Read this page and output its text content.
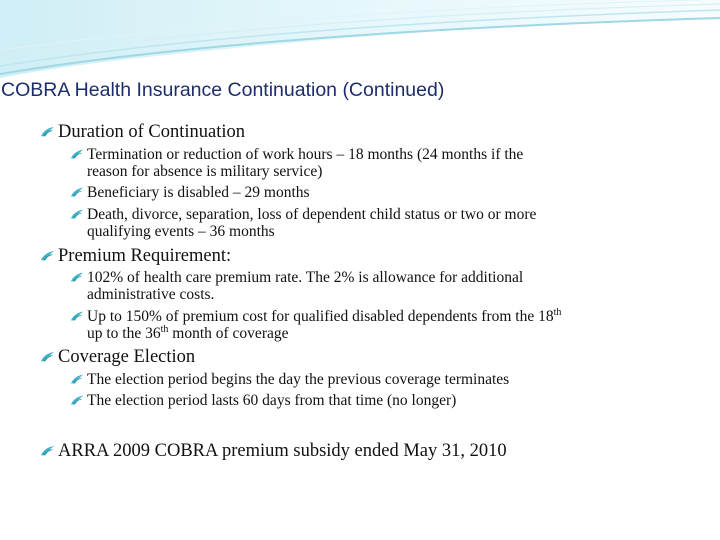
COBRA Health Insurance Continuation (Continued)
Duration of Continuation
Termination or reduction of work hours – 18 months (24 months if the
reason for absence is military service)
Beneficiary is disabled – 29 months
Death, divorce, separation, loss of dependent child status or two or more
qualifying events – 36 months
Premium Requirement:
102% of health care premium rate. The 2% is allowance for additional
administrative costs.
Up to 150% of premium cost for qualified disabled dependents from the 18th
up to the 36th month of coverage
Coverage Election
The election period begins the day the previous coverage terminates
The election period lasts 60 days from that time (no longer)
ARRA 2009 COBRA premium subsidy ended May 31, 2010
